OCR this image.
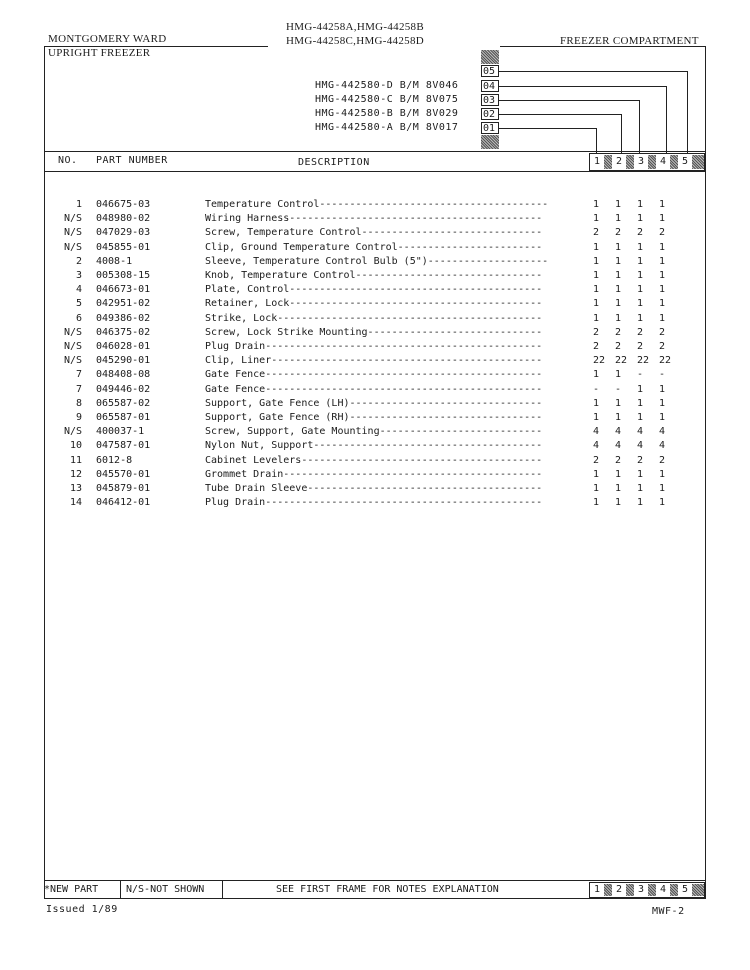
MONTGOMERY WARD
UPRIGHT FREEZER
HMG-44258A,HMG-44258B
HMG-44258C,HMG-44258D	FREEZER COMPARTMENT
05
04
03
02
01
HMG-442580-D B/M 8V046
HMG-442580-C B/M 8V075
HMG-442580-B B/M 8V029
HMG-442580-A B/M 8V017
NO. PART NUMBER	DESCRIPTION	1	2	3	4	5
1 046675-03	Temperature Control--------------------------------------	1 1 1 1
N/S 048980-02	Wiring Harness------------------------------------------	1 1 1 1
N/S 047029-03	Screw, Temperature Control------------------------------	2 2 2 2
N/S 045855-01	Clip, Ground Temperature Control------------------------	1 1 1 1
2 4008-1	Sleeve, Temperature Control Bulb (5")--------------------	1 1 1 1
3 005308-15	Knob, Temperature Control-------------------------------	1 1 1 1
4 046673-01	Plate, Control------------------------------------------	1 1 1 1
5 042951-02	Retainer, Lock------------------------------------------	1 1 1 1
6 049386-02	Strike, Lock--------------------------------------------	1 1 1 1
N/S 046375-02	Screw, Lock Strike Mounting-----------------------------	2 2 2 2
N/S 046028-01	Plug Drain----------------------------------------------	2 2 2 2
N/S 045290-01	Clip, Liner---------------------------------------------	22 22 22 22
7 048408-08	Gate Fence----------------------------------------------	1 1 - -
7 049446-02	Gate Fence----------------------------------------------	- - 1 1
8 065587-02	Support, Gate Fence (LH)--------------------------------	1 1 1 1
9 065587-01	Support, Gate Fence (RH)--------------------------------	1 1 1 1
N/S 400037-1	Screw, Support, Gate Mounting---------------------------	4 4 4 4
10 047587-01	Nylon Nut, Support--------------------------------------	4 4 4 4
11 6012-8	Cabinet Levelers----------------------------------------	2 2 2 2
12 045570-01	Grommet Drain-------------------------------------------	1 1 1 1
13 045879-01	Tube Drain Sleeve---------------------------------------	1 1 1 1
14 046412-01	Plug Drain----------------------------------------------	1 1 1 1
*NEW PART	N/S-NOT SHOWN	SEE FIRST FRAME FOR NOTES EXPLANATION	1	2	3	4	5
Issued 1/89	MWF-2
